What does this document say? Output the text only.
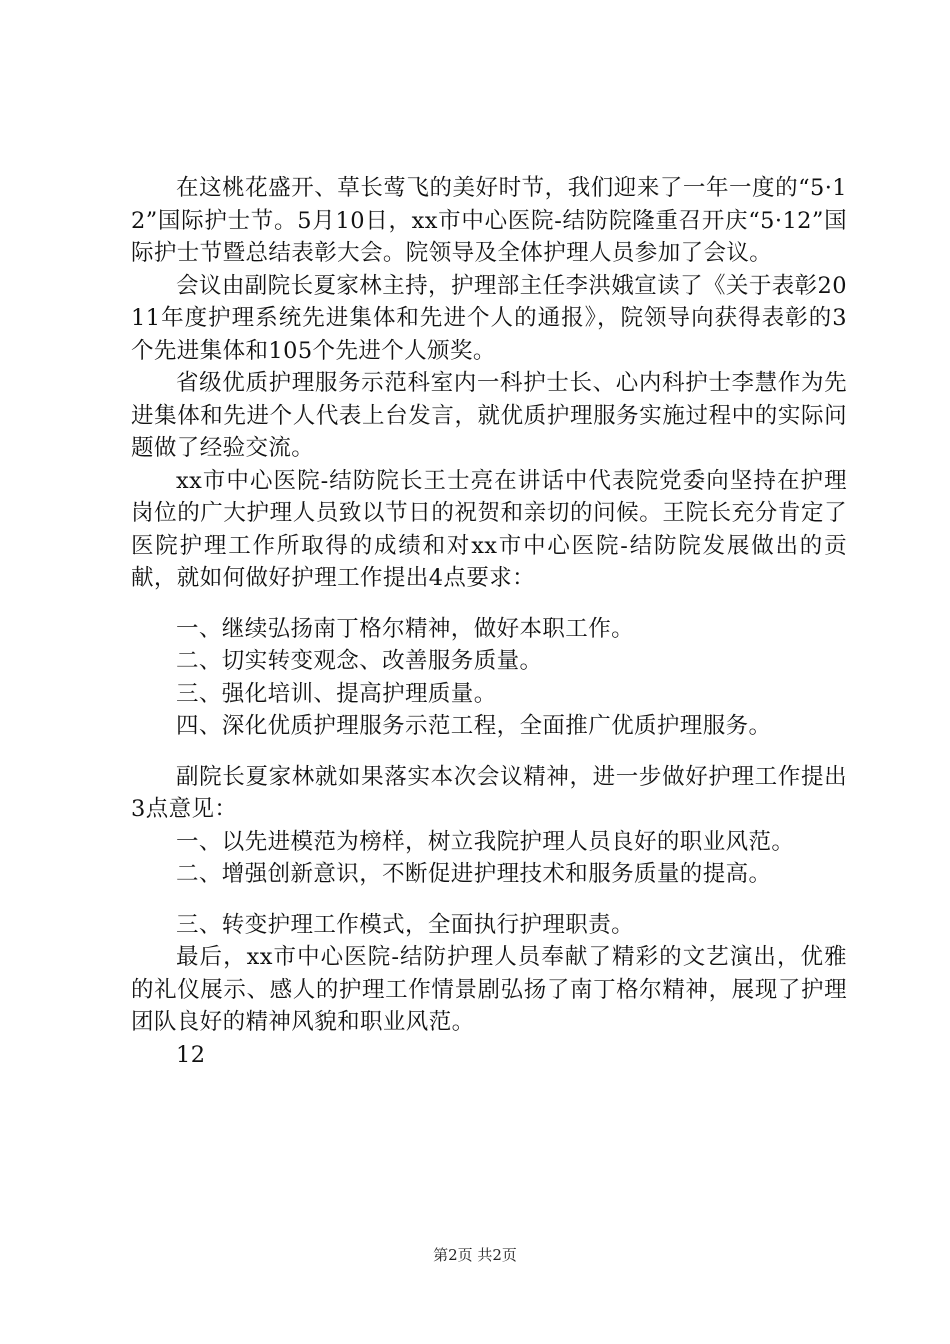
在这桃花盛开、草长莺飞的美好时节，我们迎来了一年一度的“5·12”国际护士节。5月10日，xx市中心医院-结防院隆重召开庆“5·12”国际护士节暨总结表彰大会。院领导及全体护理人员参加了会议。

会议由副院长夏家林主持，护理部主任李洪娥宣读了《关于表彰2011年度护理系统先进集体和先进个人的通报》，院领导向获得表彰的3个先进集体和105个先进个人颁奖。

省级优质护理服务示范科室内一科护士长、心内科护士李慧作为先进集体和先进个人代表上台发言，就优质护理服务实施过程中的实际问题做了经验交流。

xx市中心医院-结防院长王士亮在讲话中代表院党委向坚持在护理岗位的广大护理人员致以节日的祝贺和亲切的问候。王院长充分肯定了医院护理工作所取得的成绩和对xx市中心医院-结防院发展做出的贡献，就如何做好护理工作提出4点要求：

一、继续弘扬南丁格尔精神，做好本职工作。

二、切实转变观念、改善服务质量。

三、强化培训、提高护理质量。

四、深化优质护理服务示范工程，全面推广优质护理服务。

副院长夏家林就如果落实本次会议精神，进一步做好护理工作提出3点意见：

一、以先进模范为榜样，树立我院护理人员良好的职业风范。

二、增强创新意识，不断促进护理技术和服务质量的提高。

三、转变护理工作模式，全面执行护理职责。

最后，xx市中心医院-结防护理人员奉献了精彩的文艺演出，优雅的礼仪展示、感人的护理工作情景剧弘扬了南丁格尔精神，展现了护理团队良好的精神风貌和职业风范。

12

第2页 共2页
